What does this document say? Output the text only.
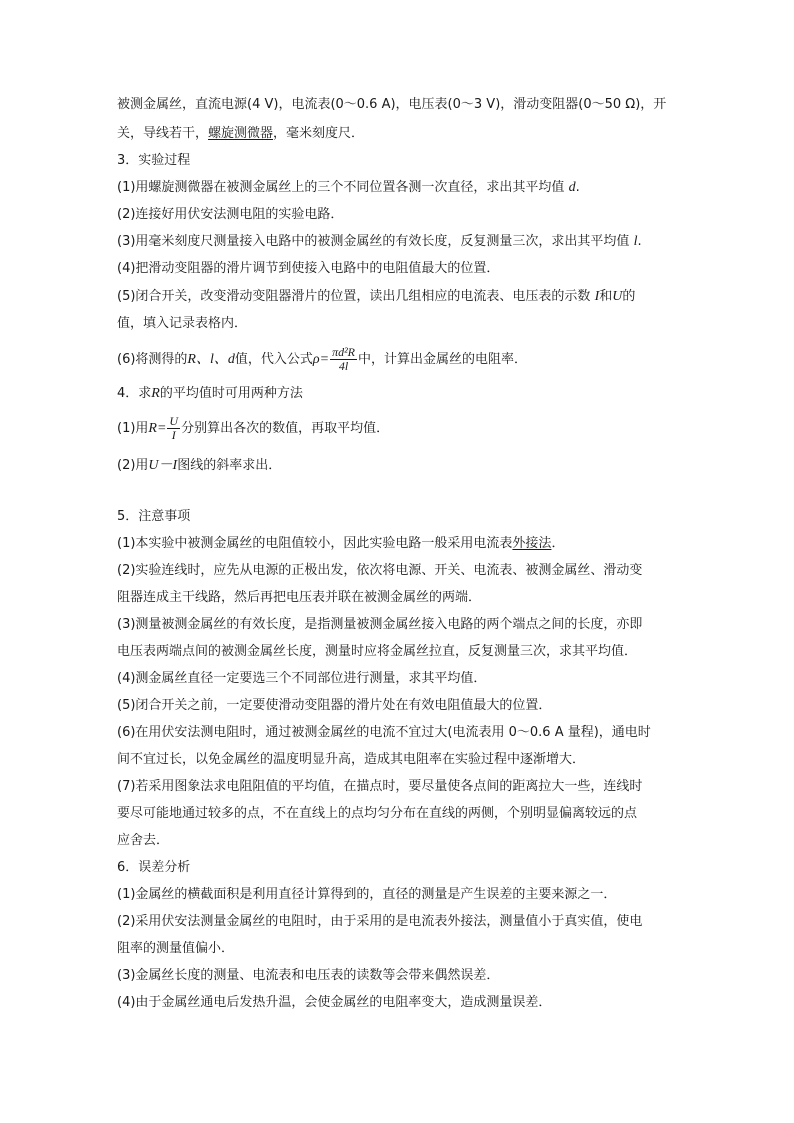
被测金属丝，直流电源(4 V)，电流表(0～0.6 A)，电压表(0～3 V)，滑动变阻器(0～50 Ω)，开
关，导线若干，螺旋测微器，毫米刻度尺．
3．实验过程
(1)用螺旋测微器在被测金属丝上的三个不同位置各测一次直径，求出其平均值 d.
(2)连接好用伏安法测电阻的实验电路．
(3)用毫米刻度尺测量接入电路中的被测金属丝的有效长度，反复测量三次，求出其平均值 l.
(4)把滑动变阻器的滑片调节到使接入电路中的电阻值最大的位置．
(5)闭合开关，改变滑动变阻器滑片的位置，读出几组相应的电流表、电压表的示数 I和U的
值，填入记录表格内．
(6)将测得的R、l、d值，代入公式$\rho= \frac{\text{πd²R}}{4l}$ 中，计算出金属丝的电阻率．
4．求R的平均值时可用两种方法
(1)用$R= \frac{U}{I}$ 分别算出各次的数值，再取平均值．
(2)用U－I图线的斜率求出．
5．注意事项
(1)本实验中被测金属丝的电阻值较小，因此实验电路一般采用电流表外接法．
(2)实验连线时，应先从电源的正极出发，依次将电源、开关、电流表、被测金属丝、滑动变
阻器连成主干线路，然后再把电压表并联在被测金属丝的两端．
(3)测量被测金属丝的有效长度，是指测量被测金属丝接入电路的两个端点之间的长度，亦即
电压表两端点间的被测金属丝长度，测量时应将金属丝拉直，反复测量三次，求其平均值．
(4)测金属丝直径一定要选三个不同部位进行测量，求其平均值．
(5)闭合开关之前，一定要使滑动变阻器的滑片处在有效电阻值最大的位置．
(6)在用伏安法测电阻时，通过被测金属丝的电流不宜过大(电流表用 0～0.6 A 量程)，通电时
间不宜过长，以免金属丝的温度明显升高，造成其电阻率在实验过程中逐渐增大．
(7)若采用图象法求电阻阻值的平均值，在描点时，要尽量使各点间的距离拉大一些，连线时
要尽可能地通过较多的点，不在直线上的点均匀分布在直线的两侧，个别明显偏离较远的点
应舍去．
6．误差分析
(1)金属丝的横截面积是利用直径计算得到的，直径的测量是产生误差的主要来源之一．
(2)采用伏安法测量金属丝的电阻时，由于采用的是电流表外接法，测量值小于真实值，使电
阻率的测量值偏小．
(3)金属丝长度的测量、电流表和电压表的读数等会带来偶然误差．
(4)由于金属丝通电后发热升温，会使金属丝的电阻率变大，造成测量误差．
